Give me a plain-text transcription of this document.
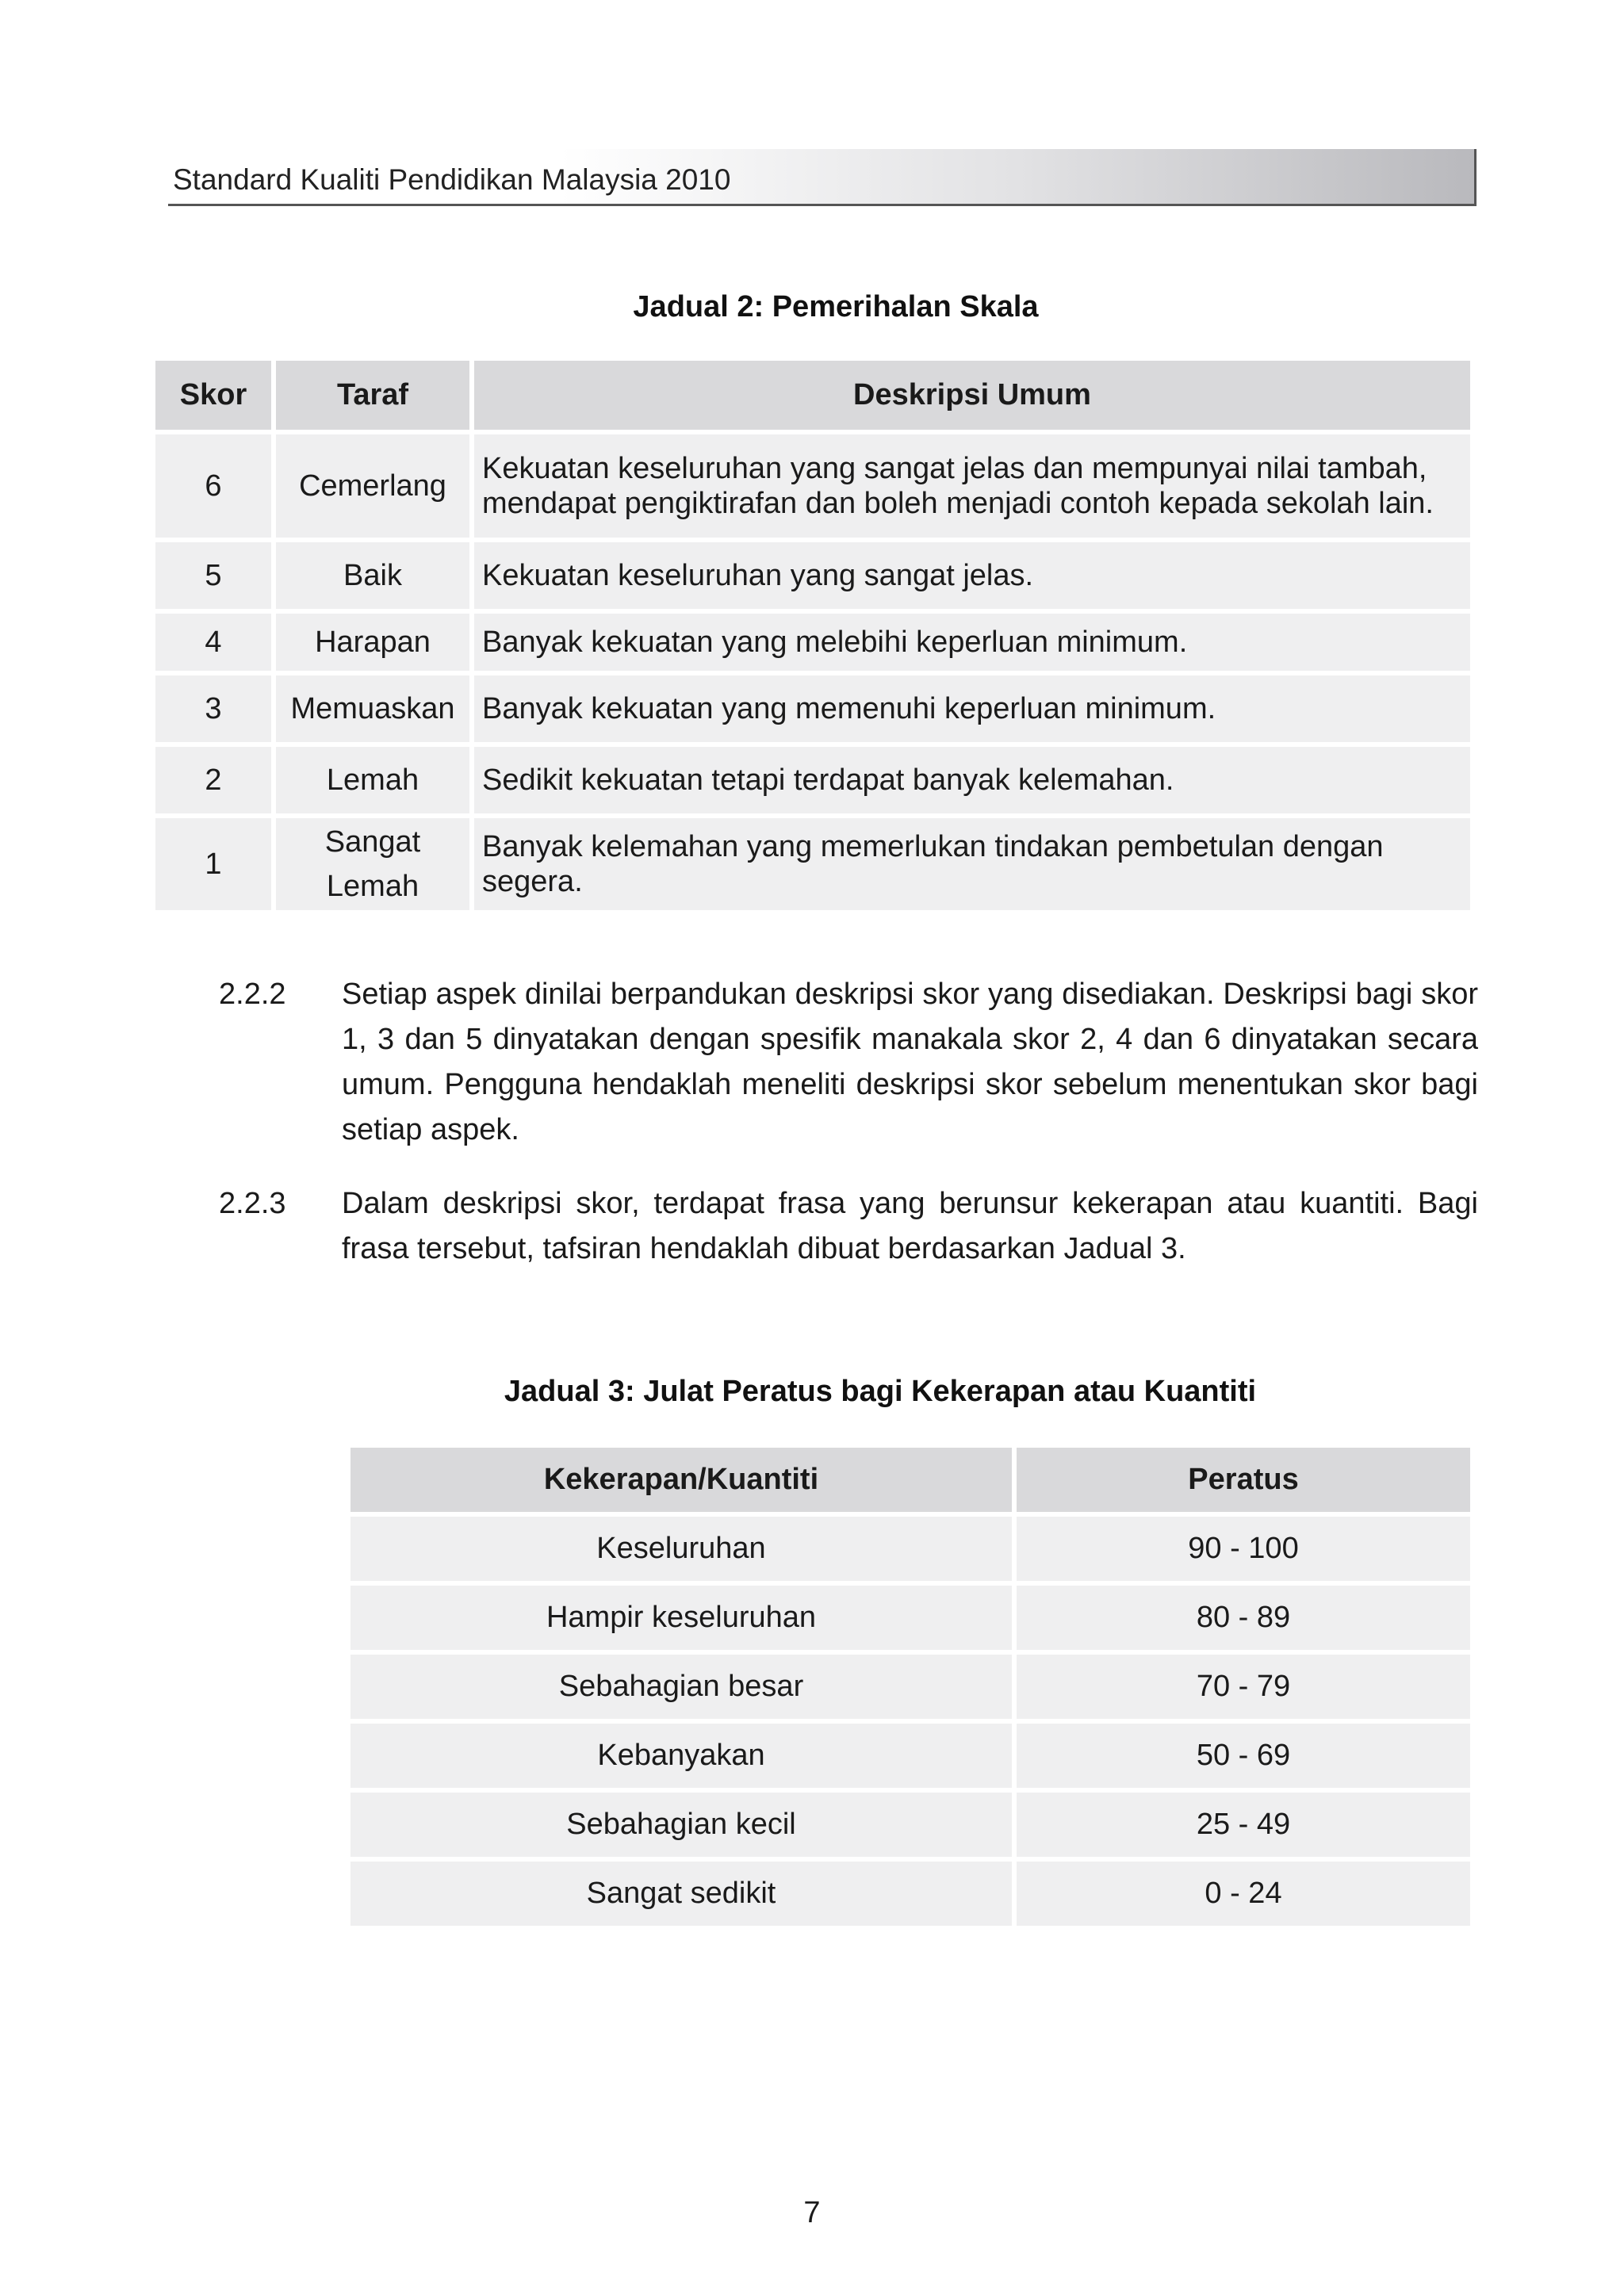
Standard Kualiti Pendidikan Malaysia 2010
Jadual 2: Pemerihalan Skala
Skor	Taraf	Deskripsi Umum
6	Cemerlang	Kekuatan keseluruhan yang sangat jelas dan mempunyai nilai tambah, mendapat pengiktirafan dan boleh menjadi contoh kepada sekolah lain.
5	Baik	Kekuatan keseluruhan yang sangat jelas.
4	Harapan	Banyak kekuatan yang melebihi keperluan minimum.
3	Memuaskan	Banyak kekuatan yang memenuhi keperluan minimum.
2	Lemah	Sedikit kekuatan tetapi terdapat banyak kelemahan.
1	Sangat Lemah	Banyak kelemahan yang memerlukan tindakan pembetulan dengan segera.
2.2.2 Setiap aspek dinilai berpandukan deskripsi skor yang disediakan. Deskripsi bagi skor 1, 3 dan 5 dinyatakan dengan spesifik manakala skor 2, 4 dan 6 dinyatakan secara umum. Pengguna hendaklah meneliti deskripsi skor sebelum menentukan skor bagi setiap aspek.
2.2.3 Dalam deskripsi skor, terdapat frasa yang berunsur kekerapan atau kuantiti. Bagi frasa tersebut, tafsiran hendaklah dibuat berdasarkan Jadual 3.
Jadual 3: Julat Peratus bagi Kekerapan atau Kuantiti
Kekerapan/Kuantiti	Peratus
Keseluruhan	90 - 100
Hampir keseluruhan	80 - 89
Sebahagian besar	70 - 79
Kebanyakan	50 - 69
Sebahagian kecil	25 - 49
Sangat sedikit	0 - 24
7
